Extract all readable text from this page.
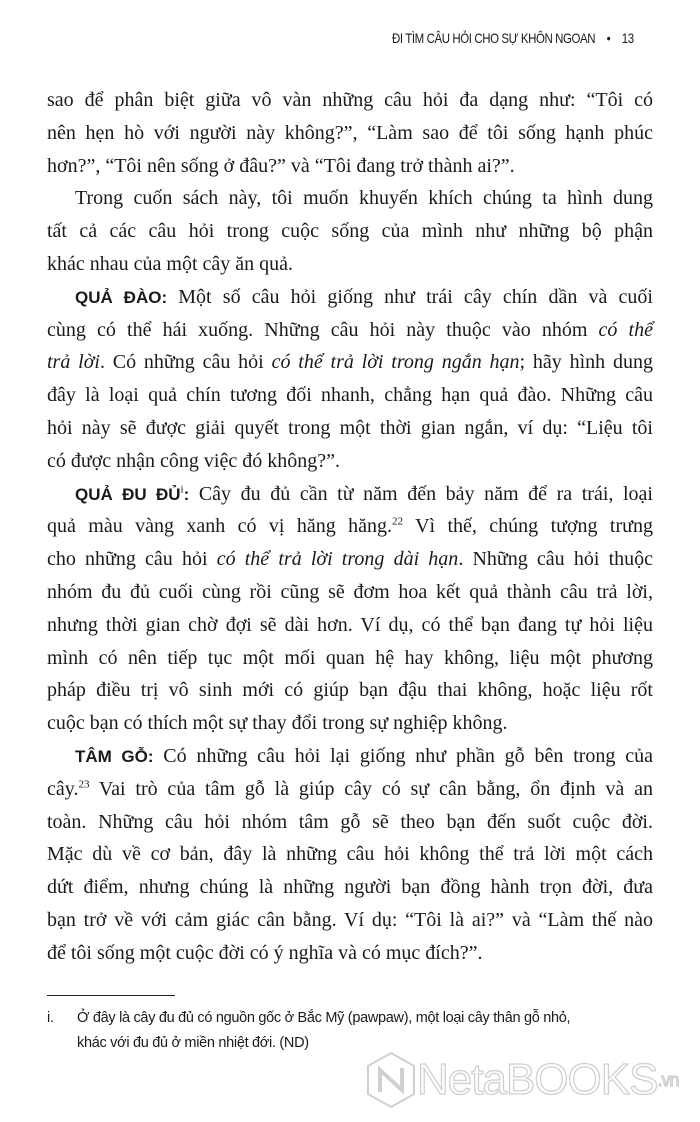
ĐI TÌM CÂU HỎI CHO SỰ KHÔN NGOAN • 13
sao để phân biệt giữa vô vàn những câu hỏi đa dạng như: “Tôi có
nên hẹn hò với người này không?”, “Làm sao để tôi sống hạnh phúc
hơn?”, “Tôi nên sống ở đâu?” và “Tôi đang trở thành ai?”.
Trong cuốn sách này, tôi muốn khuyến khích chúng ta hình dung
tất cả các câu hỏi trong cuộc sống của mình như những bộ phận
khác nhau của một cây ăn quả.
QUẢ ĐÀO: Một số câu hỏi giống như trái cây chín dần và cuối
cùng có thể hái xuống. Những câu hỏi này thuộc vào nhóm có thể
trả lời. Có những câu hỏi có thể trả lời trong ngắn hạn; hãy hình dung
đây là loại quả chín tương đối nhanh, chẳng hạn quả đào. Những câu
hỏi này sẽ được giải quyết trong một thời gian ngắn, ví dụ: “Liệu tôi
có được nhận công việc đó không?”.
QUẢ ĐU ĐỦ$^i$: Cây đu đủ cần từ năm đến bảy năm để ra trái, loại
quả màu vàng xanh có vị hăng hăng.$^{22}$ Vì thế, chúng tượng trưng
cho những câu hỏi có thể trả lời trong dài hạn. Những câu hỏi thuộc
nhóm đu đủ cuối cùng rồi cũng sẽ đơm hoa kết quả thành câu trả lời,
nhưng thời gian chờ đợi sẽ dài hơn. Ví dụ, có thể bạn đang tự hỏi liệu
mình có nên tiếp tục một mối quan hệ hay không, liệu một phương
pháp điều trị vô sinh mới có giúp bạn đậu thai không, hoặc liệu rốt
cuộc bạn có thích một sự thay đổi trong sự nghiệp không.
TÂM GỖ: Có những câu hỏi lại giống như phần gỗ bên trong của
cây.$^{23}$ Vai trò của tâm gỗ là giúp cây có sự cân bằng, ổn định và an
toàn. Những câu hỏi nhóm tâm gỗ sẽ theo bạn đến suốt cuộc đời.
Mặc dù về cơ bản, đây là những câu hỏi không thể trả lời một cách
dứt điểm, nhưng chúng là những người bạn đồng hành trọn đời, đưa
bạn trở về với cảm giác cân bằng. Ví dụ: “Tôi là ai?” và “Làm thế nào
để tôi sống một cuộc đời có ý nghĩa và có mục đích?”.
i. Ở đây là cây đu đủ có nguồn gốc ở Bắc Mỹ (pawpaw), một loại cây thân gỗ nhỏ,
khác với đu đủ ở miền nhiệt đới. (ND)
NetaBOOKS .vn
